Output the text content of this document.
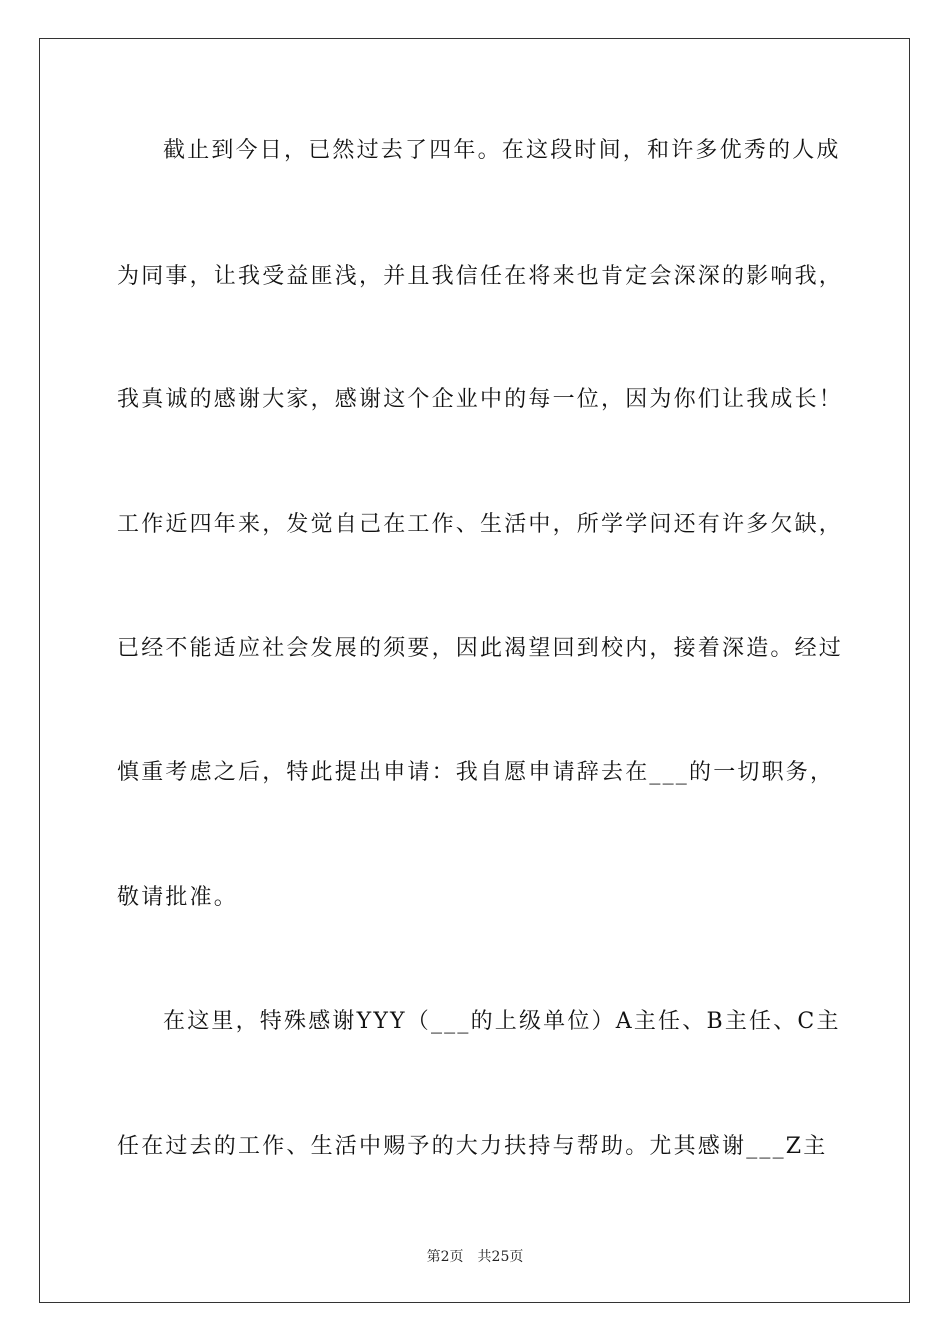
截止到今日，已然过去了四年。在这段时间，和许多优秀的人成
为同事，让我受益匪浅，并且我信任在将来也肯定会深深的影响我，
我真诚的感谢大家，感谢这个企业中的每一位，因为你们让我成长！
工作近四年来，发觉自己在工作、生活中，所学学问还有许多欠缺，
已经不能适应社会发展的须要，因此渴望回到校内，接着深造。经过
慎重考虑之后，特此提出申请：我自愿申请辞去在___的一切职务，
敬请批准。
在这里，特殊感谢YYY（___的上级单位）A主任、B主任、C主
任在过去的工作、生活中赐予的大力扶持与帮助。尤其感谢___Z主
第2页 共25页
